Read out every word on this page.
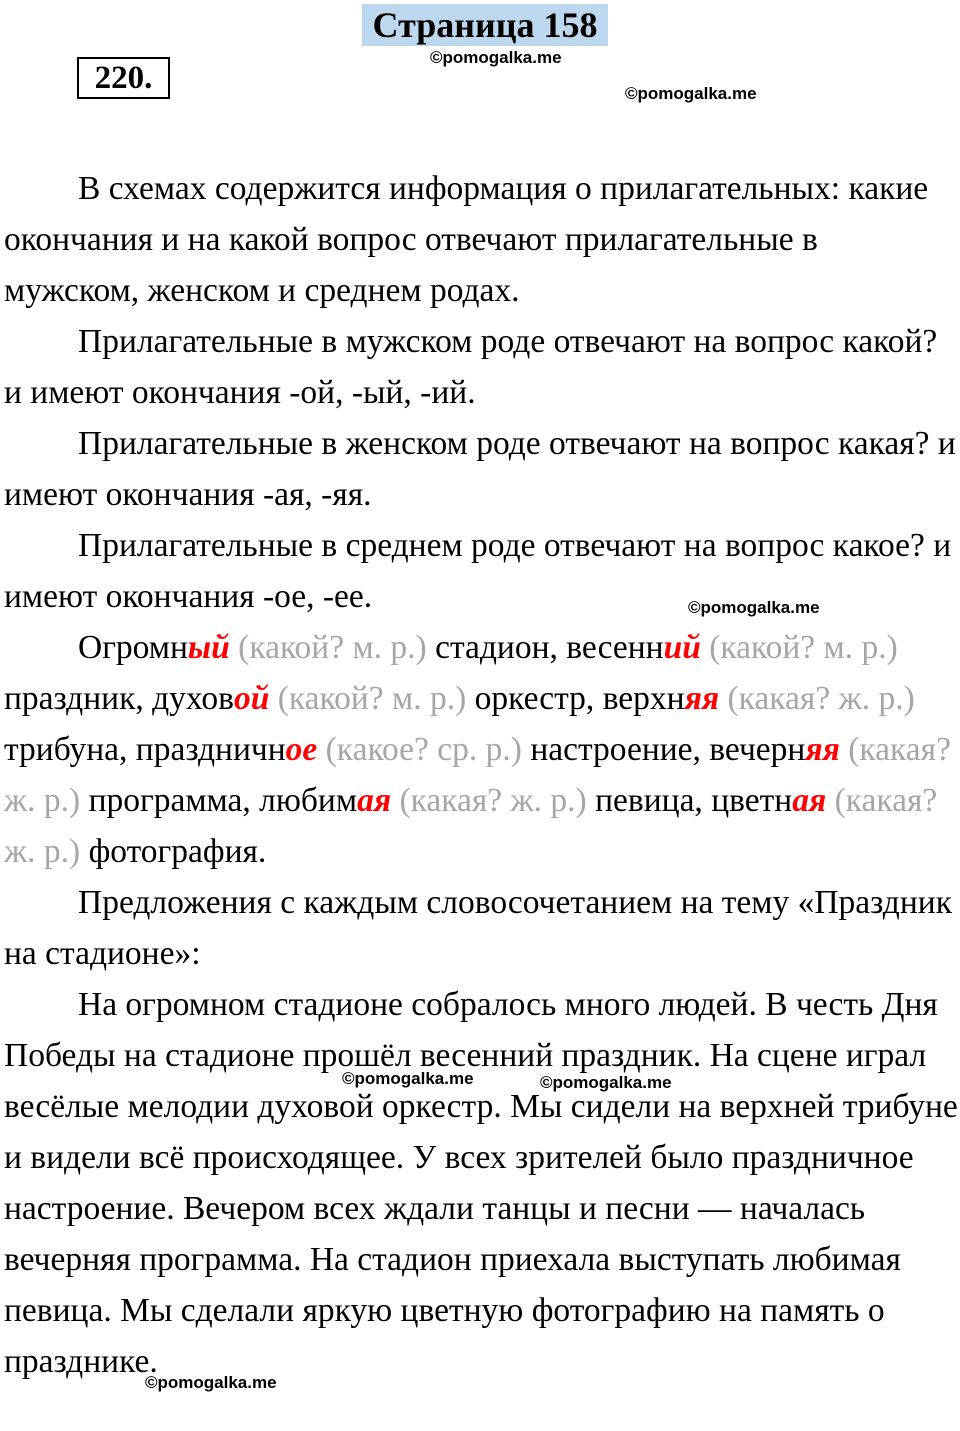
Страница 158
220.
©pomogalka.me
©pomogalka.me
©pomogalka.me
©pomogalka.me	©pomogalka.me
©pomogalka.me

В схемах содержится информация о прилагательных: какие окончания и на какой вопрос отвечают прилагательные в мужском, женском и среднем родах.

Прилагательные в мужском роде отвечают на вопрос какой? и имеют окончания -ой, -ый, -ий.

Прилагательные в женском роде отвечают на вопрос какая? и имеют окончания -ая, -яя.

Прилагательные в среднем роде отвечают на вопрос какое? и имеют окончания -ое, -ее.

Огромный (какой? м. р.) стадион, весенний (какой? м. р.) праздник, духовой (какой? м. р.) оркестр, верхняя (какая? ж. р.) трибуна, праздничное (какое? ср. р.) настроение, вечерняя (какая? ж. р.) программа, любимая (какая? ж. р.) певица, цветная (какая? ж. р.) фотография.

Предложения с каждым словосочетанием на тему «Праздник на стадионе»:

На огромном стадионе собралось много людей. В честь Дня Победы на стадионе прошёл весенний праздник. На сцене играл весёлые мелодии духовой оркестр. Мы сидели на верхней трибуне и видели всё происходящее. У всех зрителей было праздничное настроение. Вечером всех ждали танцы и песни — началась вечерняя программа. На стадион приехала выступать любимая певица. Мы сделали яркую цветную фотографию на память о празднике.
